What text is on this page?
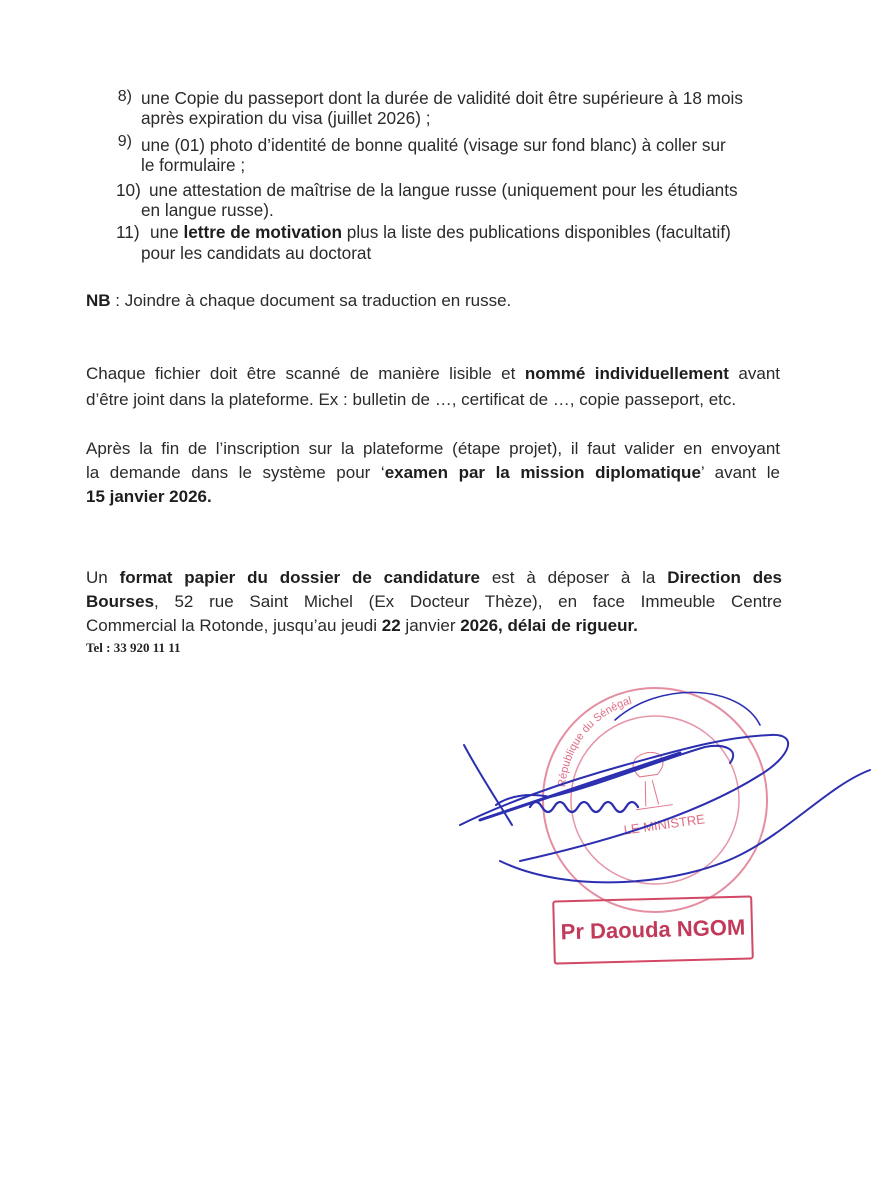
8) une Copie du passeport dont la durée de validité doit être supérieure à 18 mois
après expiration du visa (juillet 2026) ;
9) une (01) photo d’identité de bonne qualité (visage sur fond blanc) à coller sur
le formulaire ;
10) une attestation de maîtrise de la langue russe (uniquement pour les étudiants
en langue russe).
11) une lettre de motivation plus la liste des publications disponibles (facultatif)
pour les candidats au doctorat
NB : Joindre à chaque document sa traduction en russe.
Chaque fichier doit être scanné de manière lisible et nommé individuellement avant
d’être joint dans la plateforme. Ex : bulletin de …, certificat de …, copie passeport, etc.
Après la fin de l’inscription sur la plateforme (étape projet), il faut valider en envoyant
la demande dans le système pour ‘examen par la mission diplomatique’ avant le
15 janvier 2026.
Un format papier du dossier de candidature est à déposer à la Direction des
Bourses, 52 rue Saint Michel (Ex Docteur Thèze), en face Immeuble Centre
Commercial la Rotonde, jusqu’au jeudi 22 janvier 2026, délai de rigueur.
Tel : 33 920 11 11
République du Sénégal
LE MINISTRE
Pr Daouda NGOM
